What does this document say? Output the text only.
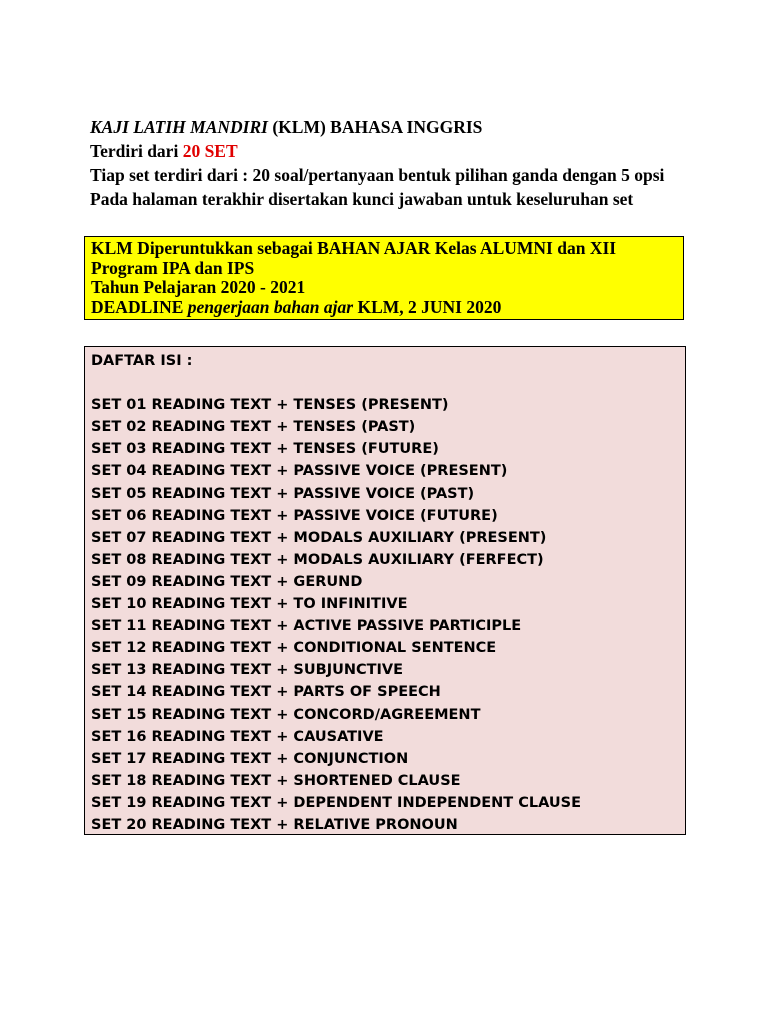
KAJI LATIH MANDIRI (KLM) BAHASA INGGRIS
Terdiri dari 20 SET
Tiap set terdiri dari : 20 soal/pertanyaan bentuk pilihan ganda dengan 5 opsi
Pada halaman terakhir disertakan kunci jawaban untuk keseluruhan set
KLM Diperuntukkan sebagai BAHAN AJAR Kelas ALUMNI dan XII
Program IPA dan IPS
Tahun Pelajaran 2020 - 2021
DEADLINE pengerjaan bahan ajar KLM, 2 JUNI 2020
DAFTAR ISI :
SET 01 READING TEXT + TENSES (PRESENT)
SET 02 READING TEXT + TENSES (PAST)
SET 03 READING TEXT + TENSES (FUTURE)
SET 04 READING TEXT + PASSIVE VOICE (PRESENT)
SET 05 READING TEXT + PASSIVE VOICE (PAST)
SET 06 READING TEXT + PASSIVE VOICE (FUTURE)
SET 07 READING TEXT + MODALS AUXILIARY (PRESENT)
SET 08 READING TEXT + MODALS AUXILIARY (FERFECT)
SET 09 READING TEXT + GERUND
SET 10 READING TEXT + TO INFINITIVE
SET 11 READING TEXT + ACTIVE PASSIVE PARTICIPLE
SET 12 READING TEXT + CONDITIONAL SENTENCE
SET 13 READING TEXT + SUBJUNCTIVE
SET 14 READING TEXT + PARTS OF SPEECH
SET 15 READING TEXT + CONCORD/AGREEMENT
SET 16 READING TEXT + CAUSATIVE
SET 17 READING TEXT + CONJUNCTION
SET 18 READING TEXT + SHORTENED CLAUSE
SET 19 READING TEXT + DEPENDENT INDEPENDENT CLAUSE
SET 20 READING TEXT + RELATIVE PRONOUN
